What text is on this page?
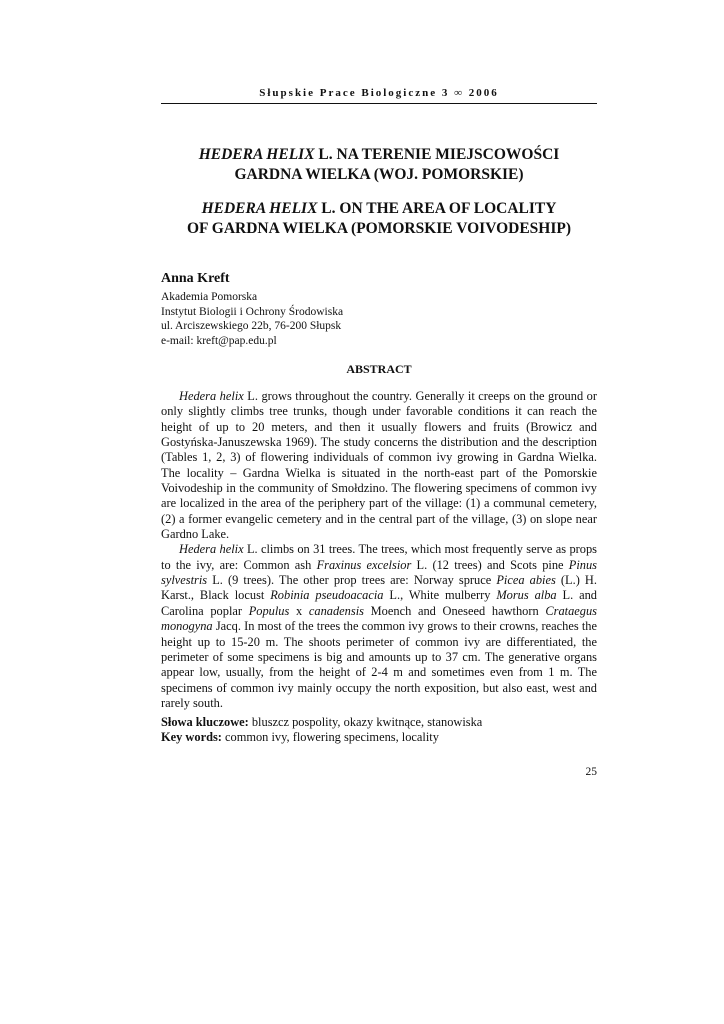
Słupskie Prace Biologiczne 3 ∞ 2006
HEDERA HELIX L. NA TERENIE MIEJSCOWOŚCI
GARDNA WIELKA (WOJ. POMORSKIE)
HEDERA HELIX L. ON THE AREA OF LOCALITY
OF GARDNA WIELKA (POMORSKIE VOIVODESHIP)
Anna Kreft
Akademia Pomorska
Instytut Biologii i Ochrony Środowiska
ul. Arciszewskiego 22b, 76-200 Słupsk
e-mail: kreft@pap.edu.pl
ABSTRACT

Hedera helix L. grows throughout the country. Generally it creeps on the ground or only slightly climbs tree trunks, though under favorable conditions it can reach the height of up to 20 meters, and then it usually flowers and fruits (Browicz and Gostyńska-Januszewska 1969). The study concerns the distribution and the description (Tables 1, 2, 3) of flowering individuals of common ivy growing in Gardna Wielka. The locality – Gardna Wielka is situated in the north-east part of the Pomorskie Voivodeship in the community of Smołdzino. The flowering specimens of common ivy are localized in the area of the periphery part of the village: (1) a communal cemetery, (2) a former evangelic cemetery and in the central part of the village, (3) on slope near Gardno Lake.

Hedera helix L. climbs on 31 trees. The trees, which most frequently serve as props to the ivy, are: Common ash Fraxinus excelsior L. (12 trees) and Scots pine Pinus sylvestris L. (9 trees). The other prop trees are: Norway spruce Picea abies (L.) H. Karst., Black locust Robinia pseudoacacia L., White mulberry Morus alba L. and Carolina poplar Populus x canadensis Moench and Oneseed hawthorn Crataegus monogyna Jacq. In most of the trees the common ivy grows to their crowns, reaches the height up to 15-20 m. The shoots perimeter of common ivy are differentiated, the perimeter of some specimens is big and amounts up to 37 cm. The generative organs appear low, usually, from the height of 2-4 m and sometimes even from 1 m. The specimens of common ivy mainly occupy the north exposition, but also east, west and rarely south.

Słowa kluczowe: bluszcz pospolity, okazy kwitnące, stanowiska
Key words: common ivy, flowering specimens, locality
25
